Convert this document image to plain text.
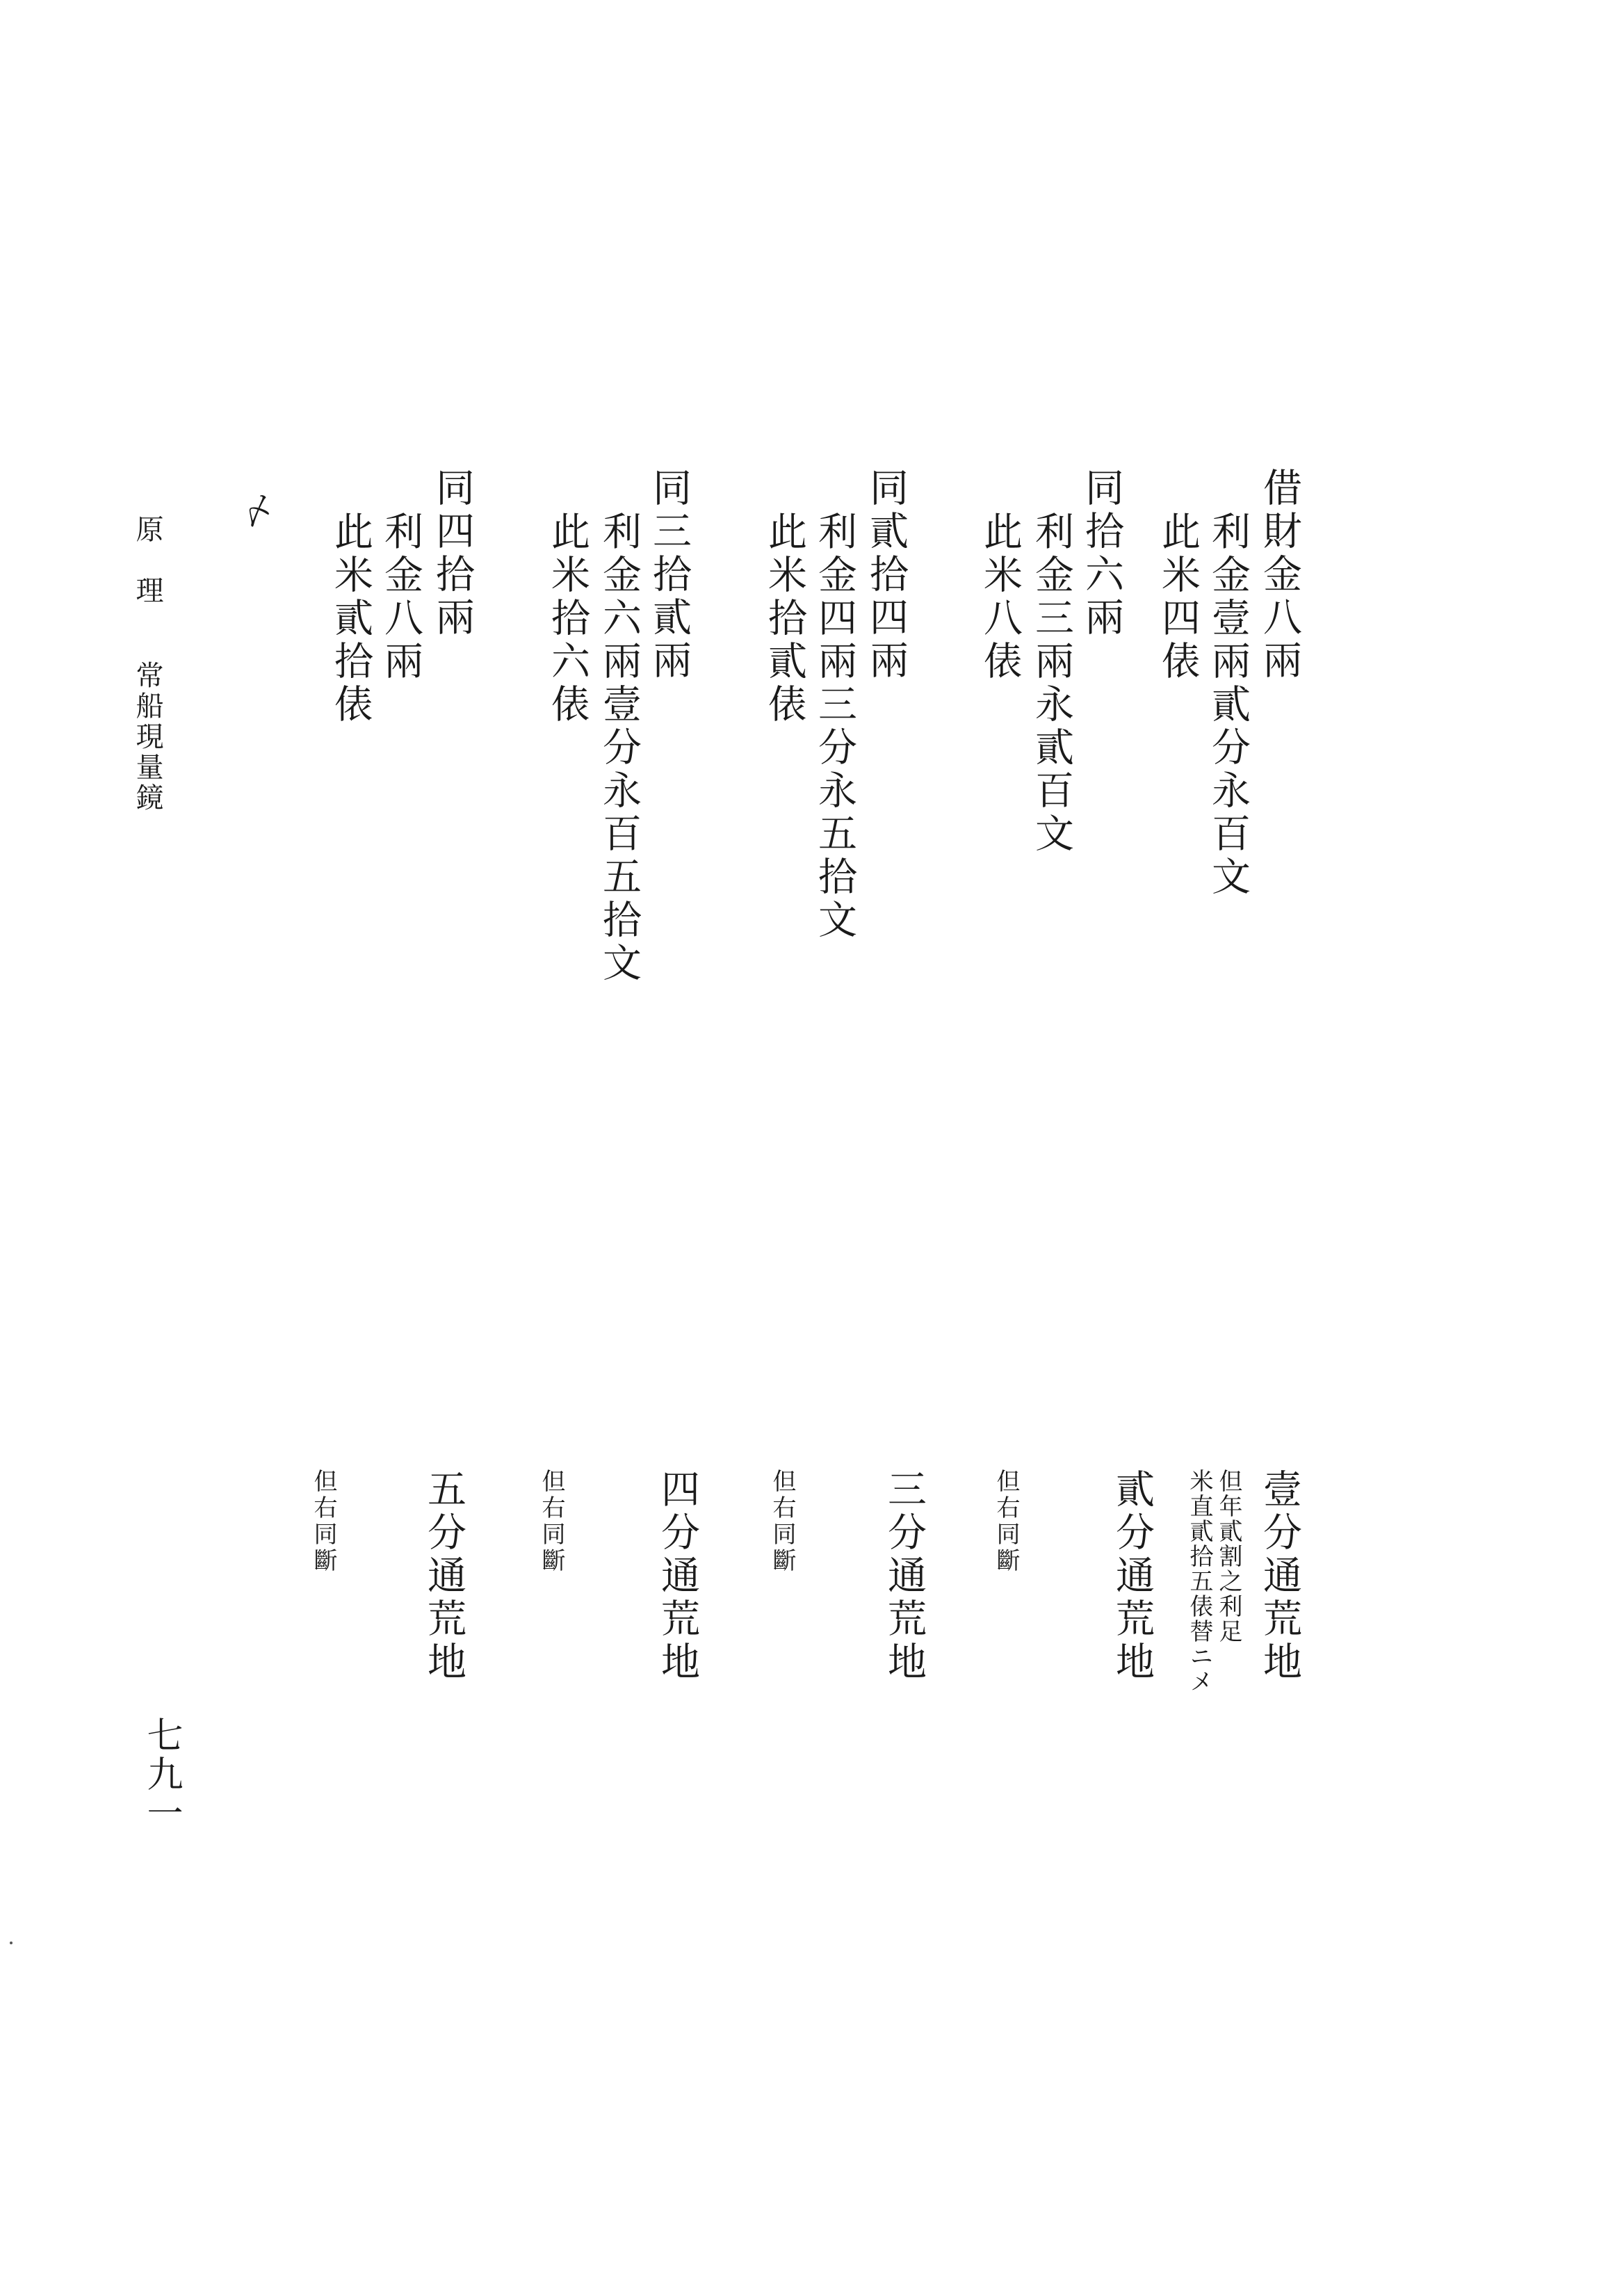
借財金八兩
利金壹兩貳分永百文
此米四俵
同拾六兩
利金三兩永貳百文
此米八俵
同貳拾四兩
利金四兩三分永五拾文
此米拾貳俵
同三拾貳兩
利金六兩壹分永百五拾文
此米拾六俵
同四拾兩
利金八兩
此米貳拾俵
壹分通荒地
但年貳割之利足
米直貳拾五俵替ニメ
貳分通荒地
但右同斷
三分通荒地
但右同斷
四分通荒地
但右同斷
五分通荒地
但右同斷
〆
原　理
常船現量鏡
七九一
